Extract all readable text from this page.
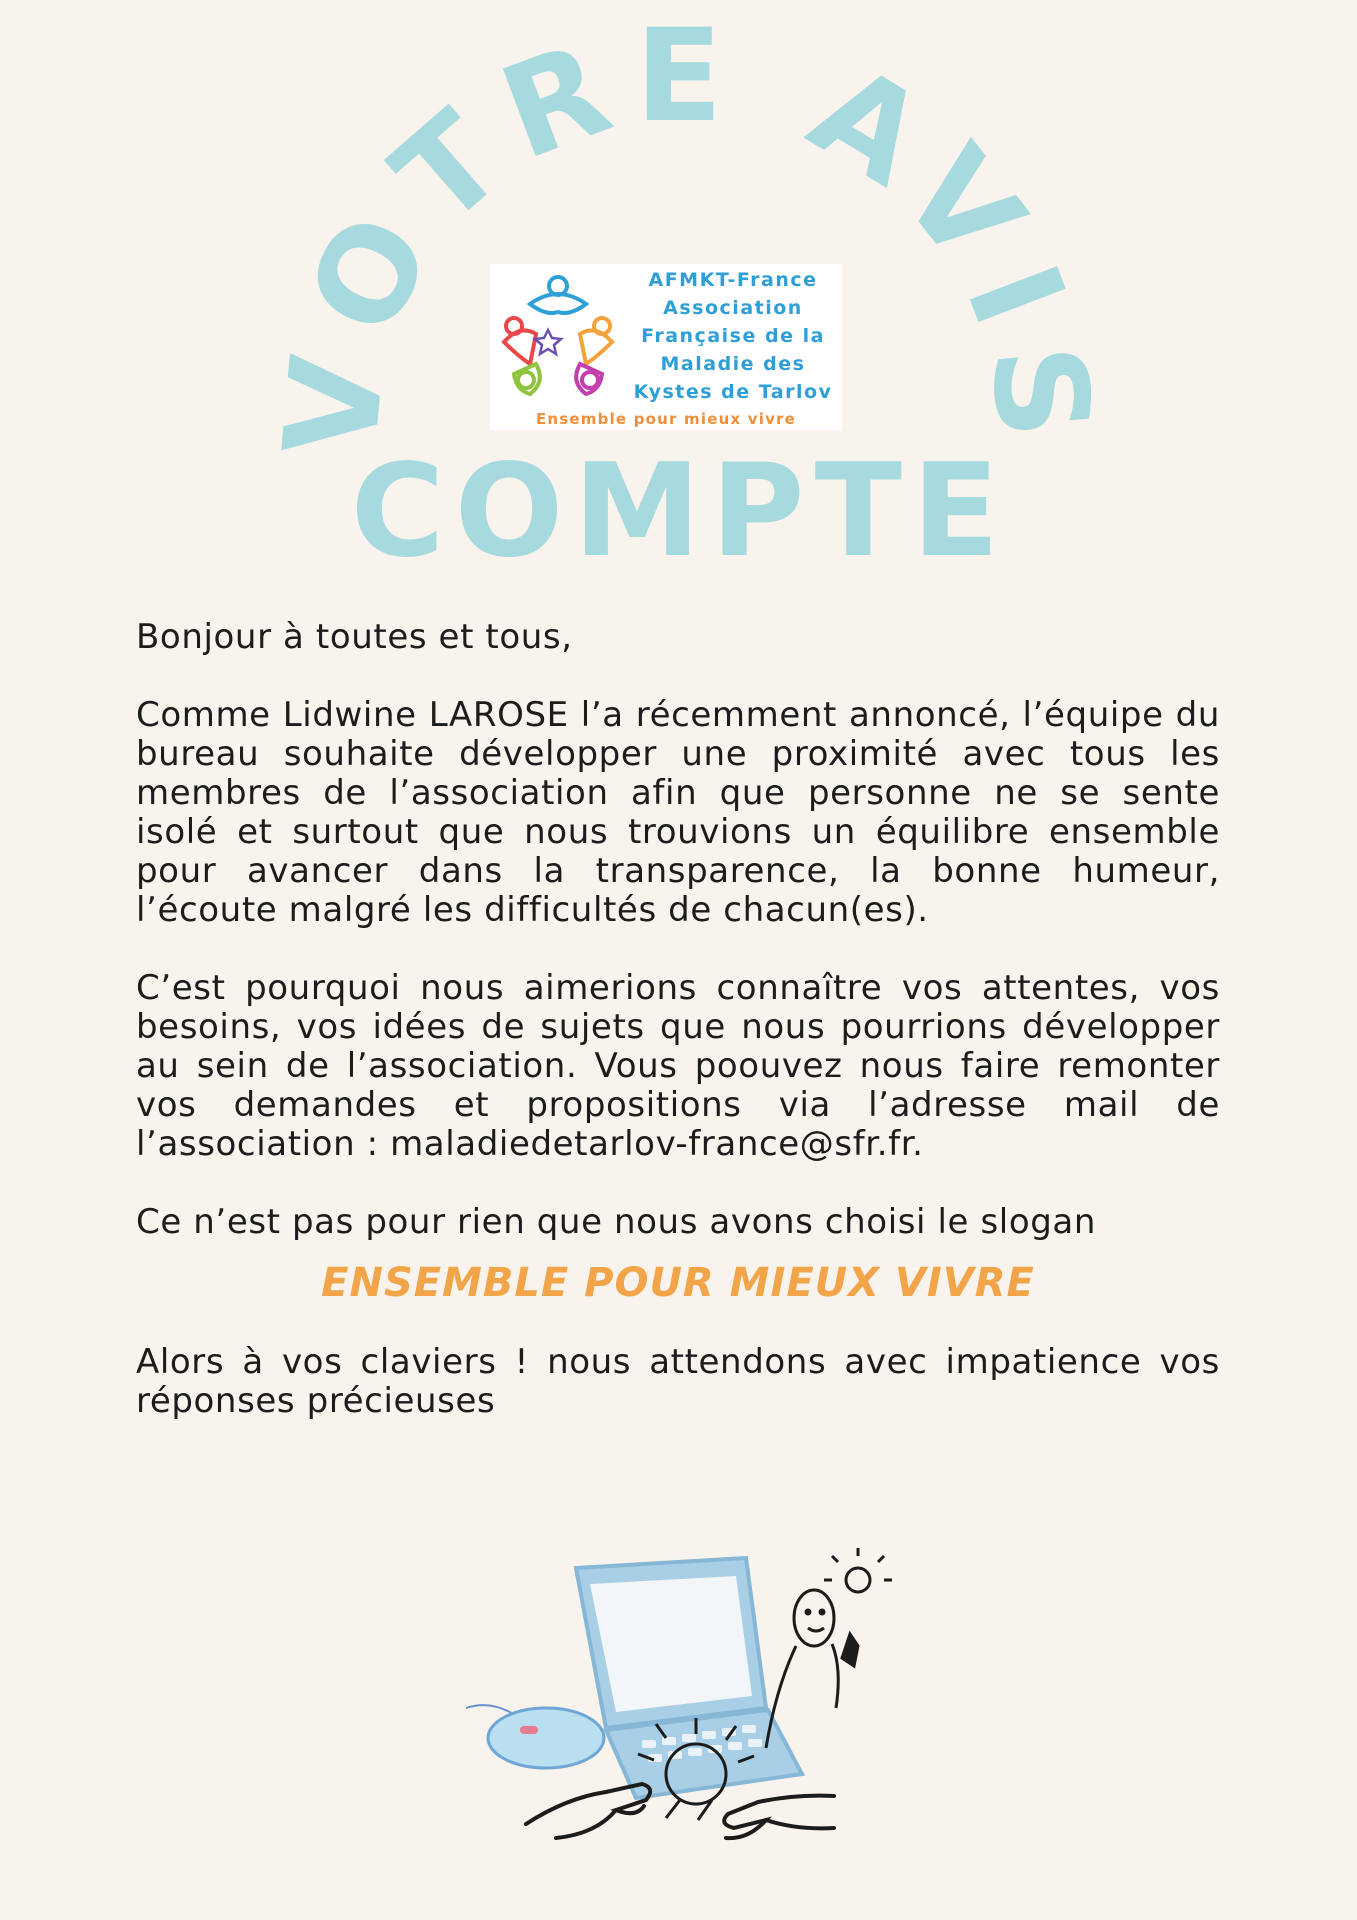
VOTRE AVIS
COMPTE
AFMKT-France
Association
Française de la
Maladie des
Kystes de Tarlov
Ensemble pour mieux vivre

Bonjour à toutes et tous,

Comme Lidwine LAROSE l’a récemment annoncé, l’équipe du bureau souhaite développer une proximité avec tous les membres de l’association afin que personne ne se sente isolé et surtout que nous trouvions un équilibre ensemble pour avancer dans la transparence, la bonne humeur, l’écoute malgré les difficultés de chacun(es).

C’est pourquoi nous aimerions connaître vos attentes, vos besoins, vos idées de sujets que nous pourrions développer au sein de l’association. Vous poouvez nous faire remonter vos demandes et propositions via l’adresse mail de l’association : maladiedetarlov-france@sfr.fr.

Ce n’est pas pour rien que nous avons choisi le slogan

ENSEMBLE POUR MIEUX VIVRE

Alors à vos claviers ! nous attendons avec impatience vos réponses précieuses
